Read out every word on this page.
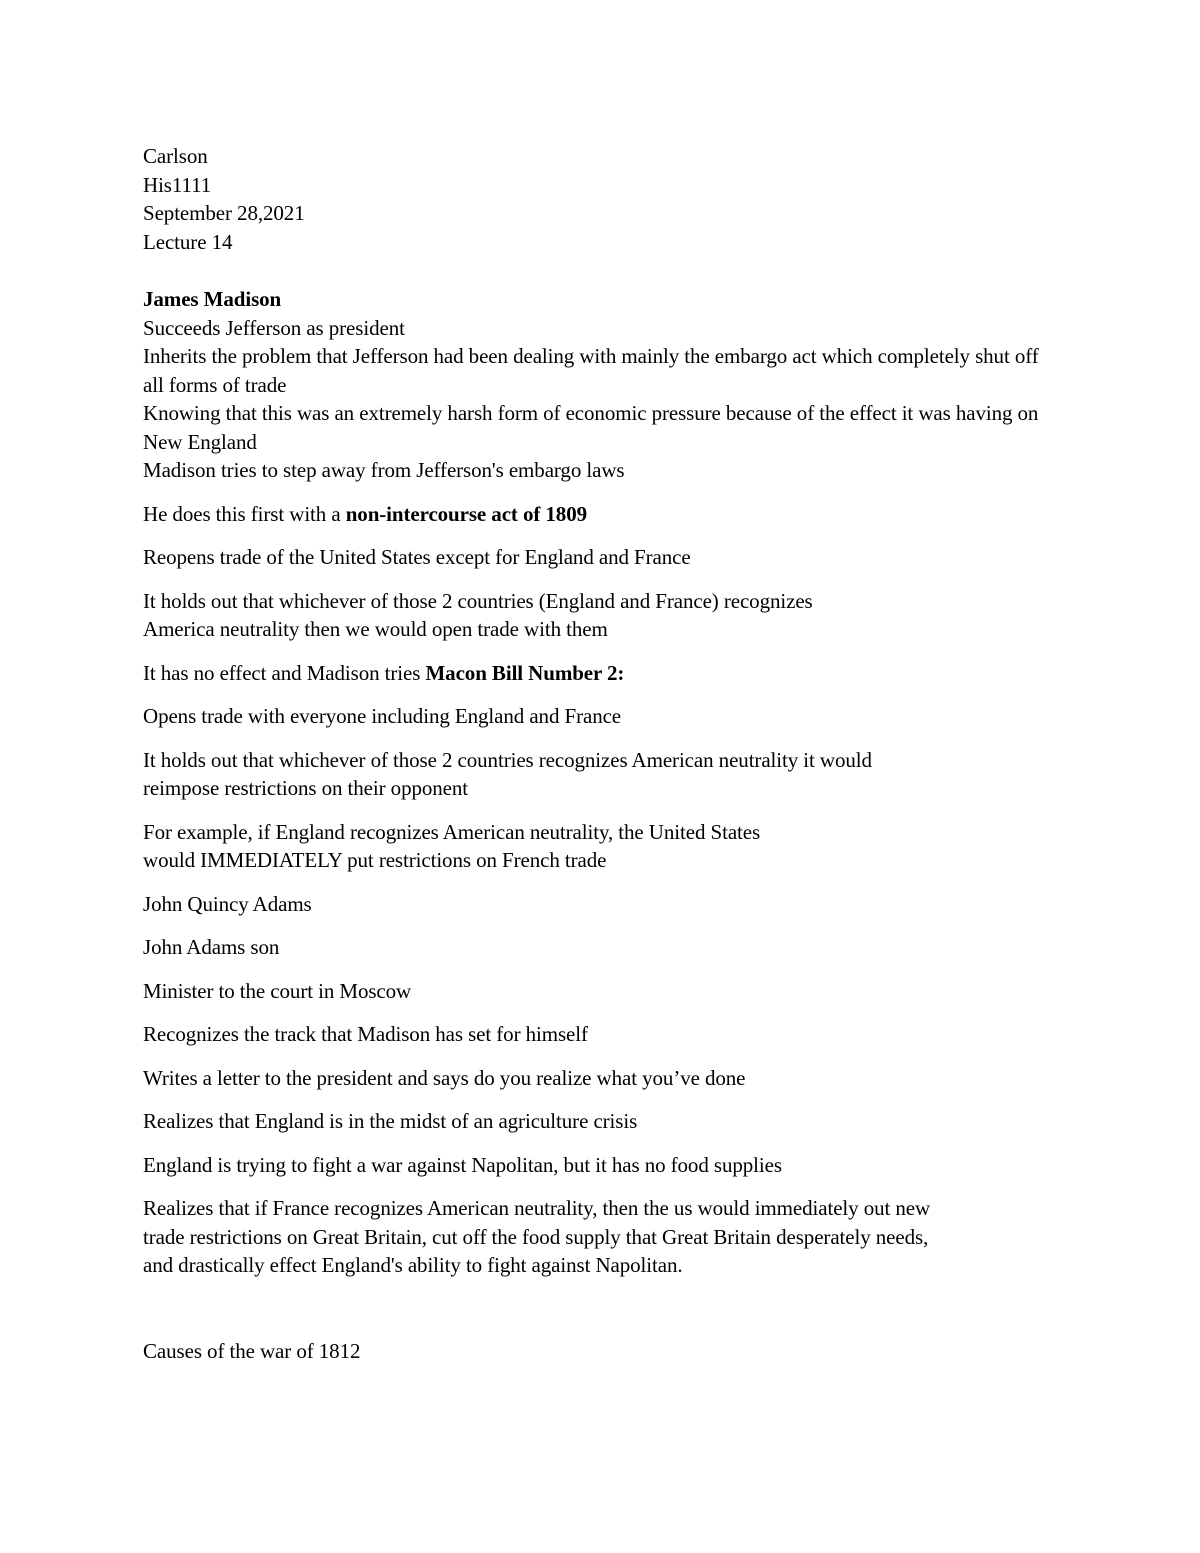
Carlson

His1111

September 28,2021

Lecture 14

James Madison

Succeeds Jefferson as president

Inherits the problem that Jefferson had been dealing with mainly the embargo act which completely shut off all forms of trade

Knowing that this was an extremely harsh form of economic pressure because of the effect it was having on New England

Madison tries to step away from Jefferson's embargo laws

He does this first with a non-intercourse act of 1809

Reopens trade of the United States except for England and France

It holds out that whichever of those 2 countries (England and France) recognizes

America neutrality then we would open trade with them

It has no effect and Madison tries Macon Bill Number 2:

Opens trade with everyone including England and France

It holds out that whichever of those 2 countries recognizes American neutrality it would

reimpose restrictions on their opponent

For example, if England recognizes American neutrality, the United States

would IMMEDIATELY put restrictions on French trade

John Quincy Adams

John Adams son

Minister to the court in Moscow

Recognizes the track that Madison has set for himself

Writes a letter to the president and says do you realize what you’ve done

Realizes that England is in the midst of an agriculture crisis

England is trying to fight a war against Napolitan, but it has no food supplies

Realizes that if France recognizes American neutrality, then the us would immediately out new

trade restrictions on Great Britain, cut off the food supply that Great Britain desperately needs,

and drastically effect England's ability to fight against Napolitan.

Causes of the war of 1812
